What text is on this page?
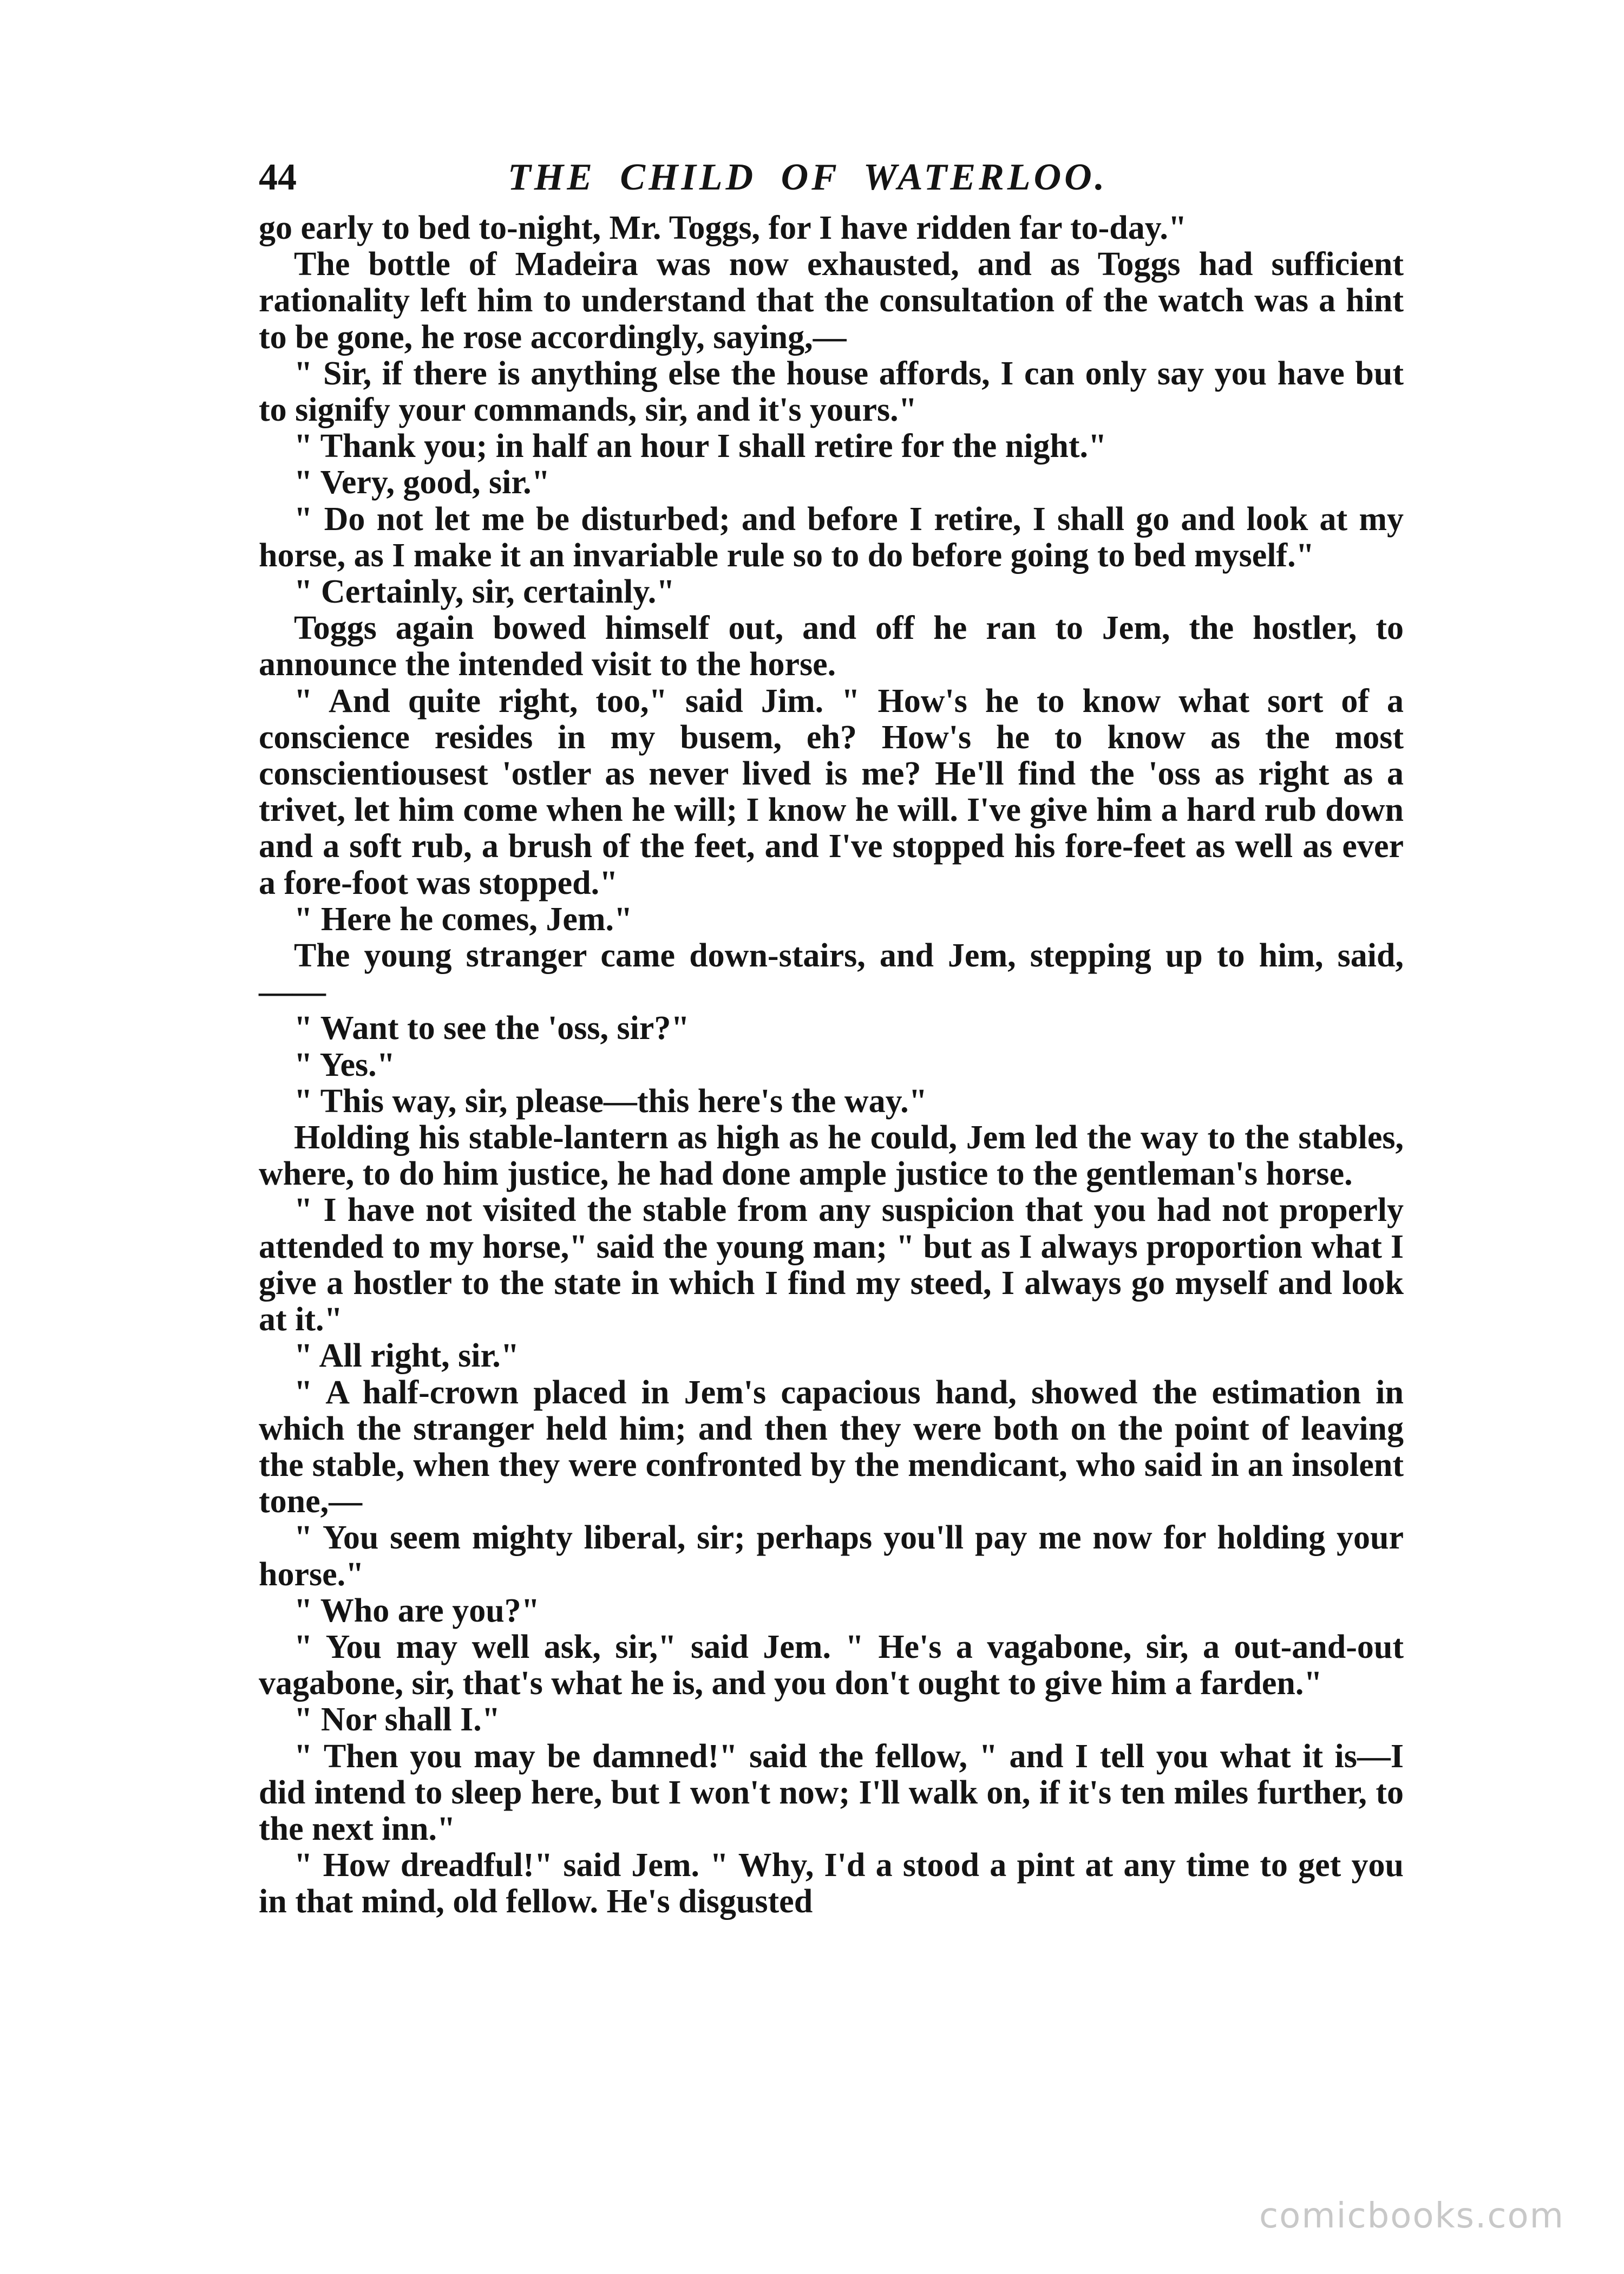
44	THE CHILD OF WATERLOO.

go early to bed to-night, Mr. Toggs, for I have ridden far to-day."

The bottle of Madeira was now exhausted, and as Toggs had sufficient rationality left him to understand that the consultation of the watch was a hint to be gone, he rose accordingly, saying,—

" Sir, if there is anything else the house affords, I can only say you have but to signify your commands, sir, and it's yours."

" Thank you; in half an hour I shall retire for the night."

" Very, good, sir."

" Do not let me be disturbed; and before I retire, I shall go and look at my horse, as I make it an invariable rule so to do before going to bed myself."

" Certainly, sir, certainly."

Toggs again bowed himself out, and off he ran to Jem, the hostler, to announce the intended visit to the horse.

" And quite right, too," said Jim. " How's he to know what sort of a conscience resides in my busem, eh? How's he to know as the most conscientiousest 'ostler as never lived is me? He'll find the 'oss as right as a trivet, let him come when he will; I know he will. I've give him a hard rub down and a soft rub, a brush of the feet, and I've stopped his fore-feet as well as ever a fore-foot was stopped."

" Here he comes, Jem."

The young stranger came down-stairs, and Jem, stepping up to him, said,——

" Want to see the 'oss, sir?"

" Yes."

" This way, sir, please—this here's the way."

Holding his stable-lantern as high as he could, Jem led the way to the stables, where, to do him justice, he had done ample justice to the gentleman's horse.

" I have not visited the stable from any suspicion that you had not properly attended to my horse," said the young man; " but as I always proportion what I give a hostler to the state in which I find my steed, I always go myself and look at it."

" All right, sir."

" A half-crown placed in Jem's capacious hand, showed the estimation in which the stranger held him; and then they were both on the point of leaving the stable, when they were confronted by the mendicant, who said in an insolent tone,—

" You seem mighty liberal, sir; perhaps you'll pay me now for holding your horse."

" Who are you?"

" You may well ask, sir," said Jem. " He's a vagabone, sir, a out-and-out vagabone, sir, that's what he is, and you don't ought to give him a farden."

" Nor shall I."

" Then you may be damned!" said the fellow, " and I tell you what it is—I did intend to sleep here, but I won't now; I'll walk on, if it's ten miles further, to the next inn."

" How dreadful!" said Jem. " Why, I'd a stood a pint at any time to get you in that mind, old fellow. He's disgusted

comicbooks.com
